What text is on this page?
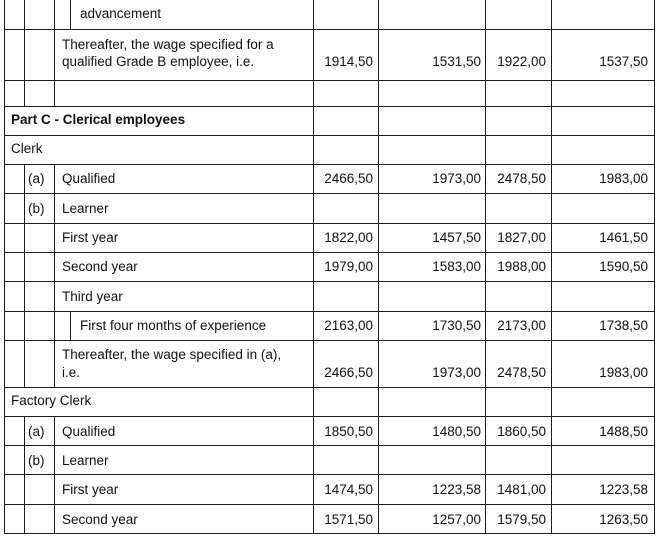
advancement
Thereafter, the wage specified for a
qualified Grade B employee, i.e.	1914,50	1531,50	1922,00	1537,50
Part C - Clerical employees
Clerk
(a) Qualified	2466,50	1973,00	2478,50	1983,00
(b) Learner
First year	1822,00	1457,50	1827,00	1461,50
Second year	1979,00	1583,00	1988,00	1590,50
Third year
First four months of experience	2163,00	1730,50	2173,00	1738,50
Thereafter, the wage specified in (a),
i.e.	2466,50	1973,00	2478,50	1983,00
Factory Clerk
(a) Qualified	1850,50	1480,50	1860,50	1488,50
(b) Learner
First year	1474,50	1223,58	1481,00	1223,58
Second year	1571,50	1257,00	1579,50	1263,50
